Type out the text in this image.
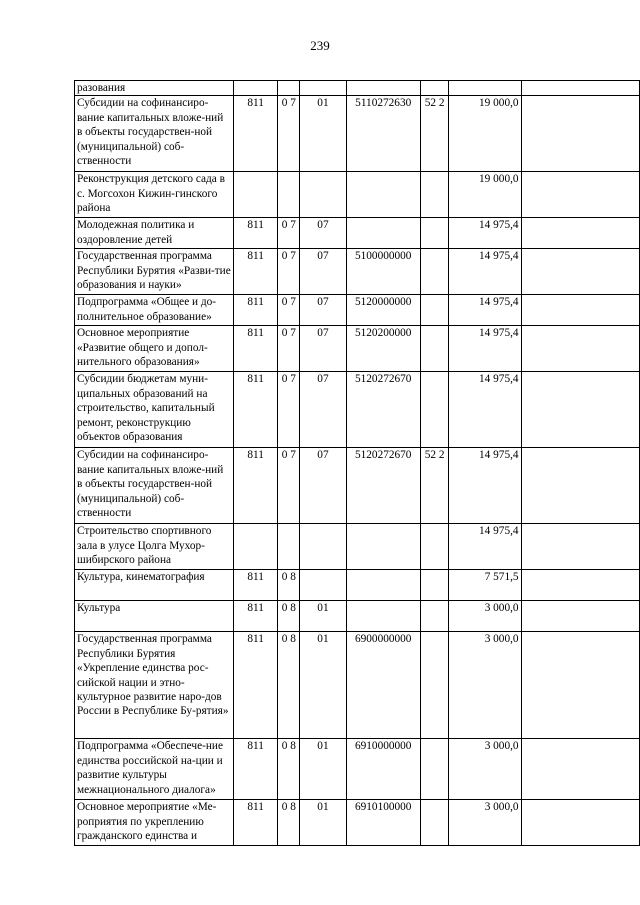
239
разования							
Субсидии на софинансиро-вание капитальных вложе-ний в объекты государствен-ной (муниципальной) соб-ственности	811	0 7	01	5110272630	52 2	19 000,0	
Реконструкция детского сада в с. Могсохон Кижин-гинского района						19 000,0	
Молодежная политика и оздоровление детей	811	0 7	07			14 975,4	
Государственная программа Республики Бурятия «Разви-тие образования и науки»	811	0 7	07	5100000000		14 975,4	
Подпрограмма «Общее и до-полнительное образование»	811	0 7	07	5120000000		14 975,4	
Основное мероприятие «Развитие общего и допол-нительного образования»	811	0 7	07	5120200000		14 975,4	
Субсидии бюджетам муни-ципальных образований на строительство, капитальный ремонт, реконструкцию объектов образования	811	0 7	07	5120272670		14 975,4	
Субсидии на софинансиро-вание капитальных вложе-ний в объекты государствен-ной (муниципальной) соб-ственности	811	0 7	07	5120272670	52 2	14 975,4	
Строительство спортивного зала в улусе Цолга Мухор-шибирского района						14 975,4	
Культура, кинематография	811	0 8				7 571,5	
Культура	811	0 8	01			3 000,0	
Государственная программа Республики Бурятия «Укрепление единства рос-сийской нации и этно-культурное развитие наро-дов России в Республике Бу-рятия»	811	0 8	01	6900000000		3 000,0	
Подпрограмма «Обеспече-ние единства российской на-ции и развитие культуры межнационального диалога»	811	0 8	01	6910000000		3 000,0	
Основное мероприятие «Ме-роприятия по укреплению гражданского единства и	811	0 8	01	6910100000		3 000,0	
